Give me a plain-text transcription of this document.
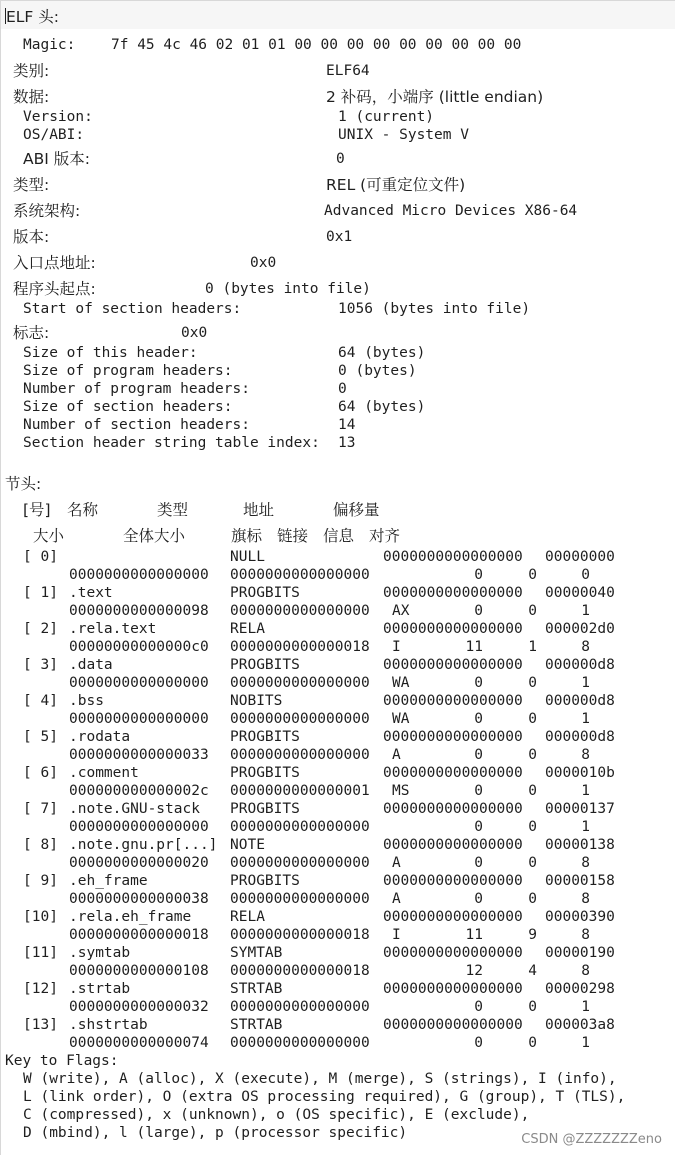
ELF 头:
Magic: 7f 45 4c 46 02 01 01 00 00 00 00 00 00 00 00 00
类别:	ELF64
数据:	2 补码，小端序 (little endian)
Version:	1 (current)
OS/ABI:	UNIX - System V
ABI 版本:	0
类型:	REL (可重定位文件)
系统架构:	Advanced Micro Devices X86-64
版本:	0x1
入口点地址:	0x0
程序头起点:	0 (bytes into file)
Start of section headers:	1056 (bytes into file)
标志:	0x0
Size of this header:	64 (bytes)
Size of program headers:	0 (bytes)
Number of program headers:	0
Size of section headers:	64 (bytes)
Number of section headers:	14
Section header string table index: 13
节头:
[号] 名称	类型	地址	偏移量
大小	全体大小	旗标 链接 信息 对齐
[ 0]	NULL	0000000000000000 00000000
0000000000000000 0000000000000000	0	0	0
[ 1] .text	PROGBITS	0000000000000000 00000040
0000000000000098 0000000000000000 AX	0	0	1
[ 2] .rela.text	RELA	0000000000000000 000002d0
00000000000000c0 0000000000000018 I	11	1	8
[ 3] .data	PROGBITS	0000000000000000 000000d8
0000000000000000 0000000000000000 WA	0	0	1
[ 4] .bss	NOBITS	0000000000000000 000000d8
0000000000000000 0000000000000000 WA	0	0	1
[ 5] .rodata	PROGBITS	0000000000000000 000000d8
0000000000000033 0000000000000000 A	0	0	8
[ 6] .comment	PROGBITS	0000000000000000 0000010b
000000000000002c 0000000000000001 MS	0	0	1
[ 7] .note.GNU-stack PROGBITS	0000000000000000 00000137
0000000000000000 0000000000000000	0	0	1
[ 8] .note.gnu.pr[...] NOTE	0000000000000000 00000138
0000000000000020 0000000000000000 A	0	0	8
[ 9] .eh_frame	PROGBITS	0000000000000000 00000158
0000000000000038 0000000000000000 A	0	0	8
[10] .rela.eh_frame	RELA	0000000000000000 00000390
0000000000000018 0000000000000018 I	11	9	8
[11] .symtab	SYMTAB	0000000000000000 00000190
0000000000000108 0000000000000018	12	4	8
[12] .strtab	STRTAB	0000000000000000 00000298
0000000000000032 0000000000000000	0	0	1
[13] .shstrtab	STRTAB	0000000000000000 000003a8
0000000000000074 0000000000000000	0	0	1
Key to Flags:
W (write), A (alloc), X (execute), M (merge), S (strings), I (info),
L (link order), O (extra OS processing required), G (group), T (TLS),
C (compressed), x (unknown), o (OS specific), E (exclude),
D (mbind), l (large), p (processor specific)	CSDN @ZZZZZZZeno
